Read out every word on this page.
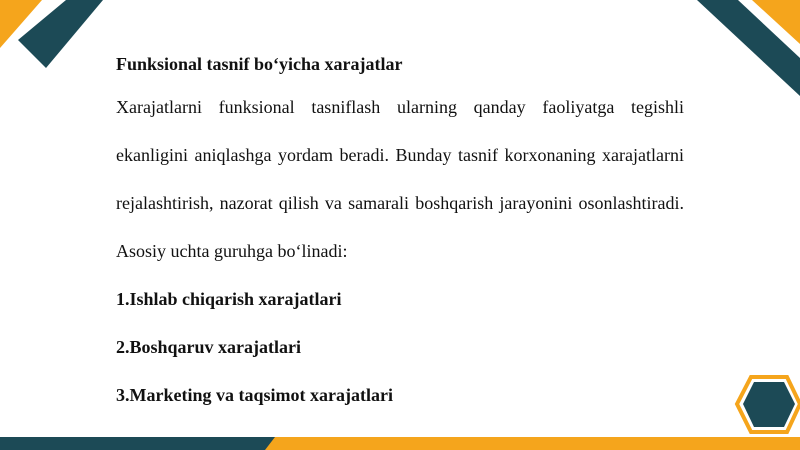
Funksional tasnif bo‘yicha xarajatlar

Xarajatlarni funksional tasniflash ularning qanday faoliyatga tegishli ekanligini aniqlashga yordam beradi. Bunday tasnif korxonaning xarajatlarni rejalashtirish, nazorat qilish va samarali boshqarish jarayonini osonlashtiradi. Asosiy uchta guruhga bo‘linadi:

1.Ishlab chiqarish xarajatlari
2.Boshqaruv xarajatlari
3.Marketing va taqsimot xarajatlari
